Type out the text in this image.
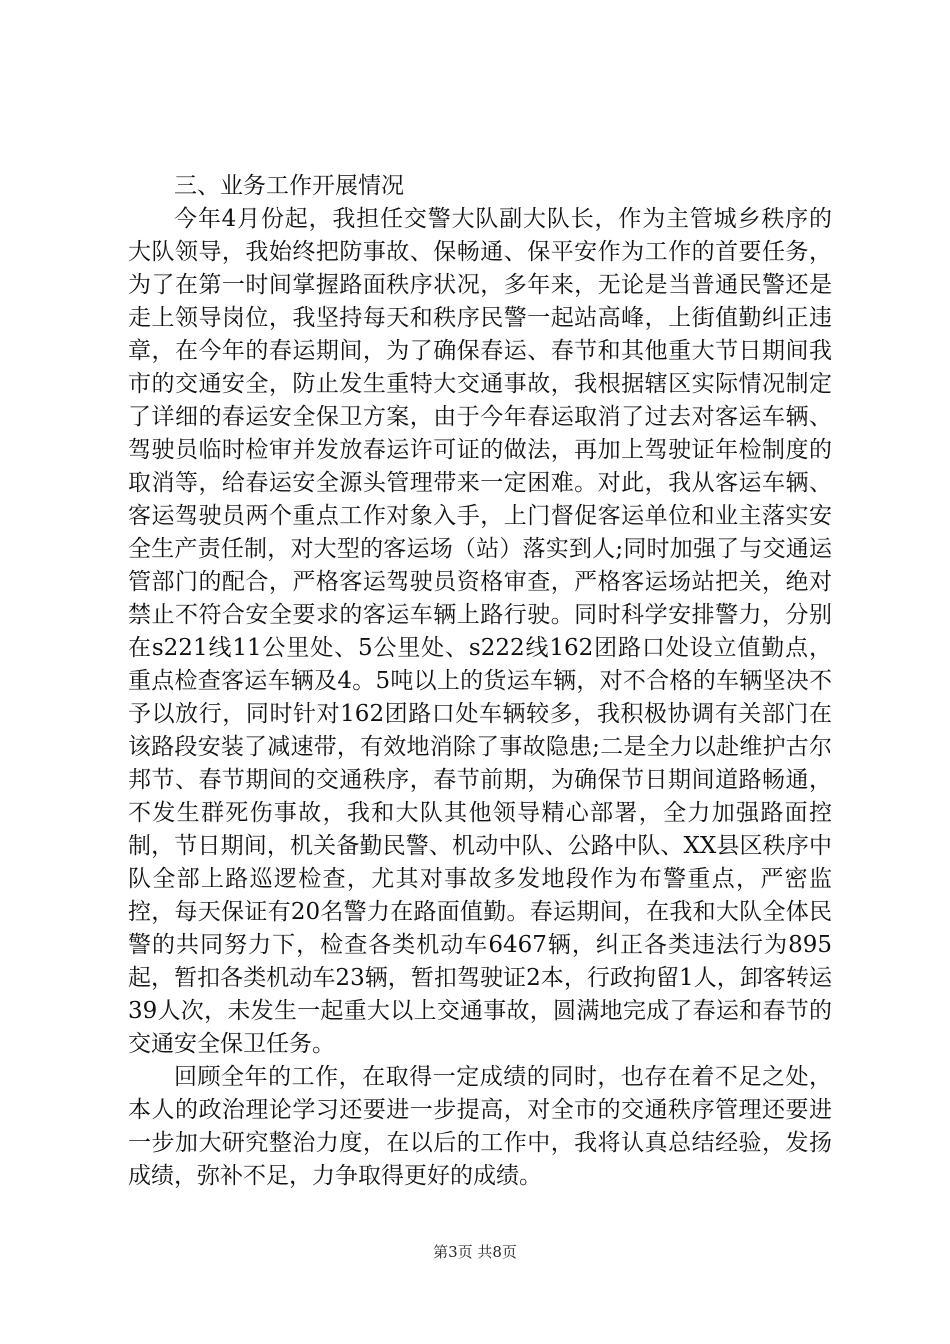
三、业务工作开展情况

今年4月份起，我担任交警大队副大队长，作为主管城乡秩序的大队领导，我始终把防事故、保畅通、保平安作为工作的首要任务，为了在第一时间掌握路面秩序状况，多年来，无论是当普通民警还是走上领导岗位，我坚持每天和秩序民警一起站高峰，上街值勤纠正违章，在今年的春运期间，为了确保春运、春节和其他重大节日期间我市的交通安全，防止发生重特大交通事故，我根据辖区实际情况制定了详细的春运安全保卫方案，由于今年春运取消了过去对客运车辆、驾驶员临时检审并发放春运许可证的做法，再加上驾驶证年检制度的取消等，给春运安全源头管理带来一定困难。对此，我从客运车辆、客运驾驶员两个重点工作对象入手，上门督促客运单位和业主落实安全生产责任制，对大型的客运场（站）落实到人;同时加强了与交通运管部门的配合，严格客运驾驶员资格审查，严格客运场站把关，绝对禁止不符合安全要求的客运车辆上路行驶。同时科学安排警力，分别在s221线11公里处、5公里处、s222线162团路口处设立值勤点，重点检查客运车辆及4。5吨以上的货运车辆，对不合格的车辆坚决不予以放行，同时针对162团路口处车辆较多，我积极协调有关部门在该路段安装了减速带，有效地消除了事故隐患;二是全力以赴维护古尔邦节、春节期间的交通秩序，春节前期，为确保节日期间道路畅通，不发生群死伤事故，我和大队其他领导精心部署，全力加强路面控制，节日期间，机关备勤民警、机动中队、公路中队、XX县区秩序中队全部上路巡逻检查，尤其对事故多发地段作为布警重点，严密监控，每天保证有20名警力在路面值勤。春运期间，在我和大队全体民警的共同努力下，检查各类机动车6467辆，纠正各类违法行为895起，暂扣各类机动车23辆，暂扣驾驶证2本，行政拘留1人，卸客转运39人次，未发生一起重大以上交通事故，圆满地完成了春运和春节的交通安全保卫任务。

回顾全年的工作，在取得一定成绩的同时，也存在着不足之处，本人的政治理论学习还要进一步提高，对全市的交通秩序管理还要进一步加大研究整治力度，在以后的工作中，我将认真总结经验，发扬成绩，弥补不足，力争取得更好的成绩。

第3页 共8页
